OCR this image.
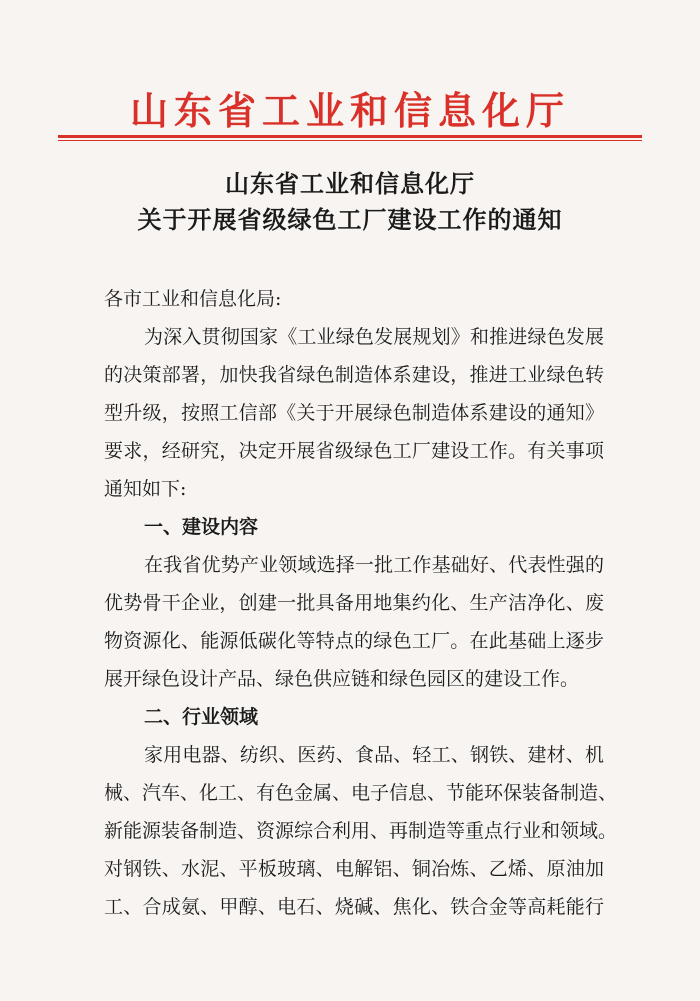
山东省工业和信息化厅
山东省工业和信息化厅
关于开展省级绿色工厂建设工作的通知
各市工业和信息化局:
为深入贯彻国家《工业绿色发展规划》和推进绿色发展
的决策部署，加快我省绿色制造体系建设，推进工业绿色转
型升级，按照工信部《关于开展绿色制造体系建设的通知》
要求，经研究，决定开展省级绿色工厂建设工作。有关事项
通知如下:
一、建设内容
在我省优势产业领域选择一批工作基础好、代表性强的
优势骨干企业，创建一批具备用地集约化、生产洁净化、废
物资源化、能源低碳化等特点的绿色工厂。在此基础上逐步
展开绿色设计产品、绿色供应链和绿色园区的建设工作。
二、行业领域
家用电器、纺织、医药、食品、轻工、钢铁、建材、机
械、汽车、化工、有色金属、电子信息、节能环保装备制造、
新能源装备制造、资源综合利用、再制造等重点行业和领域。
对钢铁、水泥、平板玻璃、电解铝、铜冶炼、乙烯、原油加
工、合成氨、甲醇、电石、烧碱、焦化、铁合金等高耗能行
